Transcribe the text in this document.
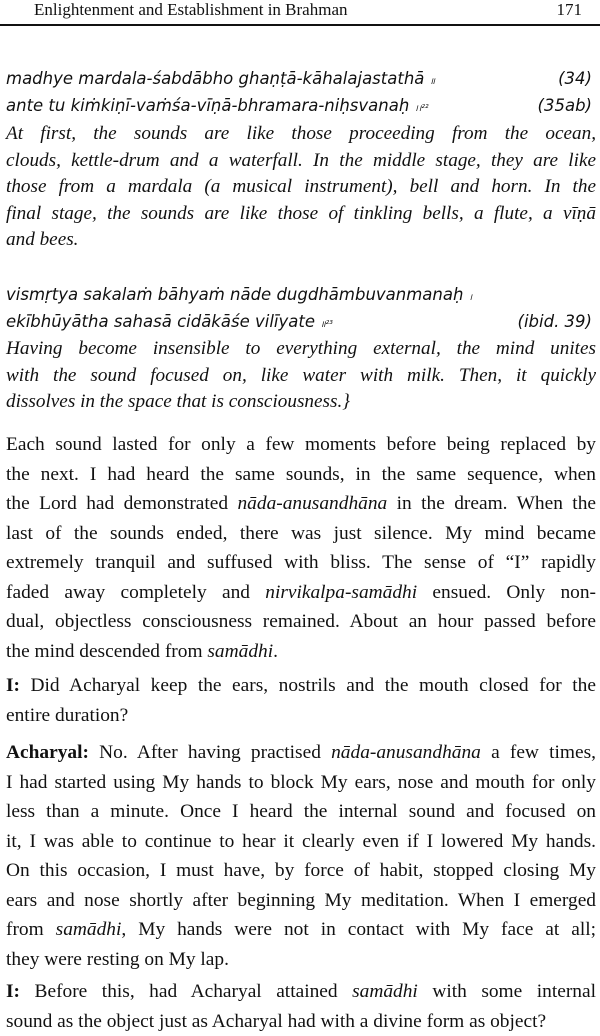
Enlightenment and Establishment in Brahman	171
madhye mardala-śabdābho ghaṇṭā-kāhalajastathā ॥	(34)
ante tu kiṁkiṇī-vaṁśa-vīṇā-bhramara-niḥsvanaḥ ।।²²	(35ab)
At first, the sounds are like those proceeding from the ocean,
clouds, kettle-drum and a waterfall. In the middle stage, they are like
those from a mardala (a musical instrument), bell and horn. In the
final stage, the sounds are like those of tinkling bells, a flute, a vīṇā
and bees.
vismṛtya sakalaṁ bāhyaṁ nāde dugdhāmbuvanmanaḥ ।
ekībhūyātha sahasā cidākāśe vilīyate ॥²³	(ibid. 39)
Having become insensible to everything external, the mind unites
with the sound focused on, like water with milk. Then, it quickly
dissolves in the space that is consciousness.}
Each sound lasted for only a few moments before being replaced by
the next. I had heard the same sounds, in the same sequence, when
the Lord had demonstrated nāda-anusandhāna in the dream. When the
last of the sounds ended, there was just silence. My mind became
extremely tranquil and suffused with bliss. The sense of “I” rapidly
faded away completely and nirvikalpa-samādhi ensued. Only non-
dual, objectless consciousness remained. About an hour passed before
the mind descended from samādhi.
I: Did Acharyal keep the ears, nostrils and the mouth closed for the
entire duration?
Acharyal: No. After having practised nāda-anusandhāna a few times,
I had started using My hands to block My ears, nose and mouth for only
less than a minute. Once I heard the internal sound and focused on
it, I was able to continue to hear it clearly even if I lowered My hands.
On this occasion, I must have, by force of habit, stopped closing My
ears and nose shortly after beginning My meditation. When I emerged
from samādhi, My hands were not in contact with My face at all;
they were resting on My lap.
I: Before this, had Acharyal attained samādhi with some internal
sound as the object just as Acharyal had with a divine form as object?
